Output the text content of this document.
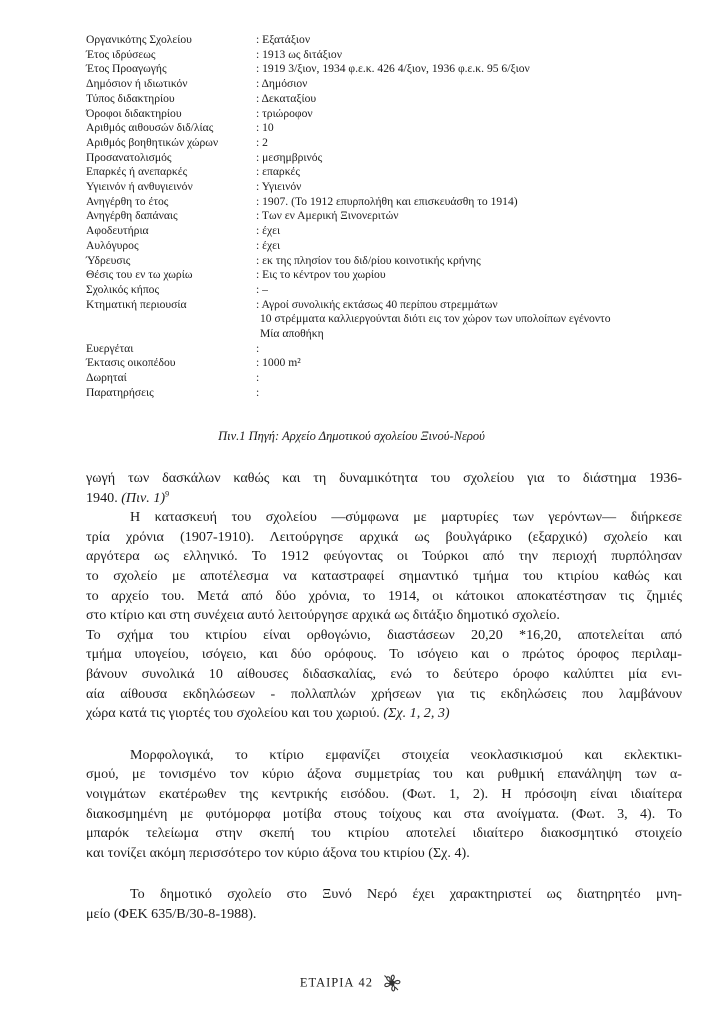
Οργανικότης Σχολείου	: Εξατάξιον
Έτος ιδρύσεως	: 1913 ως διτάξιον
Έτος Προαγωγής	: 1919 3/ξιον, 1934 φ.ε.κ. 426 4/ξιον, 1936 φ.ε.κ. 95 6/ξιον
Δημόσιον ή ιδιωτικόν	: Δημόσιον
Τύπος διδακτηρίου	: Δεκαταξίου
Όροφοι διδακτηρίου	: τριώροφον
Αριθμός αιθουσών διδ/λίας	: 10
Αριθμός βοηθητικών χώρων	: 2
Προσανατολισμός	: μεσημβρινός
Επαρκές ή ανεπαρκές	: επαρκές
Υγιεινόν ή ανθυγιεινόν	: Υγιεινόν
Ανηγέρθη το έτος	: 1907. (Το 1912 επυρπολήθη και επισκευάσθη το 1914)
Ανηγέρθη δαπάναις	: Των εν Αμερική Ξινονεριτών
Αφοδευτήρια	: έχει
Αυλόγυρος	: έχει
Ύδρευσις	: εκ της πλησίον του διδ/ρίου κοινοτικής κρήνης
Θέσις του εν τω χωρίω	: Εις το κέντρον του χωρίου
Σχολικός κήπος	: –
Κτηματική περιουσία	: Αγροί συνολικής εκτάσως 40 περίπου στρεμμάτων
10 στρέμματα καλλιεργούνται διότι εις τον χώρον των υπολοίπων εγένοντο
Μία αποθήκη
Ευεργέται	:
Έκτασις οικοπέδου	: 1000 m²
Δωρηταί	:
Παρατηρήσεις	:
Πιν.1 Πηγή: Αρχείο Δημοτικού σχολείου Ξινού-Νερού

γωγή των δασκάλων καθώς και τη δυναμικότητα του σχολείου για το διάστημα 1936-
1940. (Πιν. 1)$^9$

Η κατασκευή του σχολείου —σύμφωνα με μαρτυρίες των γερόντων— διήρκεσε
τρία χρόνια (1907-1910). Λειτούργησε αρχικά ως βουλγάρικο (εξαρχικό) σχολείο και
αργότερα ως ελληνικό. Το 1912 φεύγοντας οι Τούρκοι από την περιοχή πυρπόλησαν
το σχολείο με αποτέλεσμα να καταστραφεί σημαντικό τμήμα του κτιρίου καθώς και
το αρχείο του. Μετά από δύο χρόνια, το 1914, οι κάτοικοι αποκατέστησαν τις ζημιές
στο κτίριο και στη συνέχεια αυτό λειτούργησε αρχικά ως διτάξιο δημοτικό σχολείο.
Το σχήμα του κτιρίου είναι ορθογώνιο, διαστάσεων 20,20 *16,20, αποτελείται από
τμήμα υπογείου, ισόγειο, και δύο ορόφους. Το ισόγειο και ο πρώτος όροφος περιλαμ-
βάνουν συνολικά 10 αίθουσες διδασκαλίας, ενώ το δεύτερο όροφο καλύπτει μία ενι-
αία αίθουσα εκδηλώσεων - πολλαπλών χρήσεων για τις εκδηλώσεις που λαμβάνουν
χώρα κατά τις γιορτές του σχολείου και του χωριού. (Σχ. 1, 2, 3)

Μορφολογικά, το κτίριο εμφανίζει στοιχεία νεοκλασικισμού και εκλεκτικι-
σμού, με τονισμένο τον κύριο άξονα συμμετρίας του και ρυθμική επανάληψη των α-
νοιγμάτων εκατέρωθεν της κεντρικής εισόδου. (Φωτ. 1, 2). Η πρόσοψη είναι ιδιαίτερα
διακοσμημένη με φυτόμορφα μοτίβα στους τοίχους και στα ανοίγματα. (Φωτ. 3, 4). Το
μπαρόκ τελείωμα στην σκεπή του κτιρίου αποτελεί ιδιαίτερο διακοσμητικό στοιχείο
και τονίζει ακόμη περισσότερο τον κύριο άξονα του κτιρίου (Σχ. 4).

Το δημοτικό σχολείο στο Ξυνό Νερό έχει χαρακτηριστεί ως διατηρητέο μνη-
μείο (ΦΕΚ 635/Β/30-8-1988).

ΕΤΑΙΡΙΑ 42
